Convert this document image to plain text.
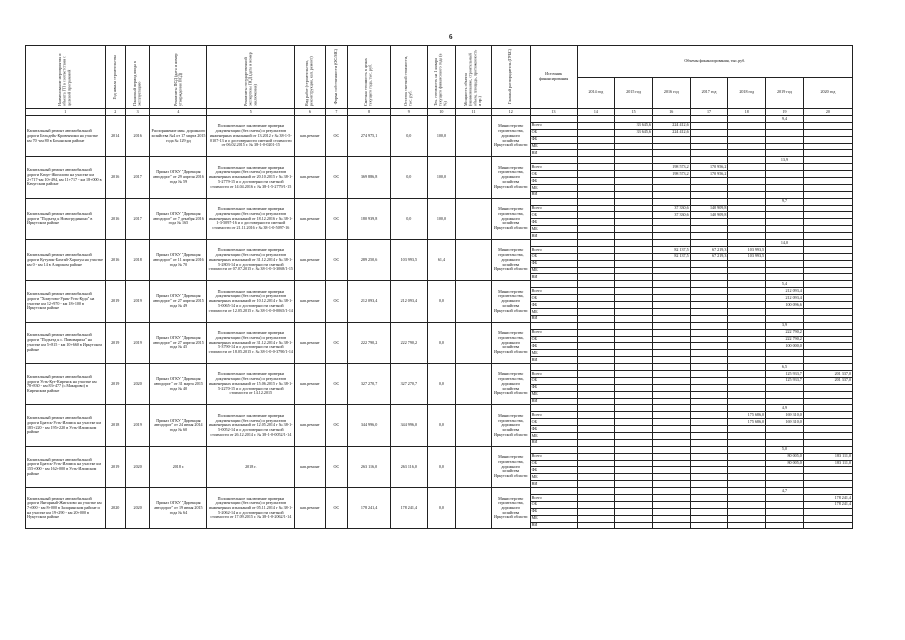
6
Наименование мероприятия и объекта ГП в соответствии с целевой программой	Год начала строительства	Плановый период ввода в эксплуатацию	Реквизиты ПСД (дата и номер утверждения ПСД)	Реквизиты государственной экспертизы ПСД (дата и номер заключения)	Вид работ (строительство, реконструкция, кап. ремонт)	Форма собственности (ОС/МС)	Сметная стоимость в ценах текущего года, тыс. руб.	Остаток сметной стоимости, тыс. руб.	Тех. готовность на 1 января текущего финансового года (в %)	Мощность объекта (наименование, строительный объем, площадь, протяженность и пр.)	Главный распорядитель (ГРБС)	Источник финансирования	Объемы финансирования, тыс.руб.						
													2014 год	2015 год	2016 год	2017 год	2018 год	2019 год	2020 год
1	2	3	4	5	6	7	8	9	10	11	12	13	14	15	16	17	18	19	20
Капитальный ремонт автомобильной дороги Бельдейь-Кровенчики на участке км 70 -км 80 в Боханском районе	2014	2016	Распоряжение мин. дорожного хозяйства №4 от 17 марта 2015 года № 129 рд	Положительное заключение проверки документации (без сметы) и результатов инженерных изысканий от 13.2012 г № 38-1-5-0107-13 и о достоверности сметной стоимости от 06.02.2015 г. № 38-1-0-0201-15	кап.ремонт	ОС	274 975,1	0,0	100,0		Министерство строительства, дорожного хозяйства Иркутской области							9,4	
												Всего		33 645,6	224 412,6				
												ОБ		33 645,6	224 412,6				
												ФБ							
												МБ							
												ВИ							
Капитальный ремонт автомобильной дороги Качуг-Жигалово на участке км 2+717-км 10+494, км 11+717 - км 18+000 в Качугском районе	2016	2017	Приказ ОГКУ "Дирекция автодорог" от 29 апреля 2016 года № 59	Положительное заключение проверки документации (без сметы) и результатов инженерных изысканий от 20.10.2015 г № 38-1-5-2779-15 и о достоверности сметной стоимости от 14.04.2016 г. № 38-1-5-2779/1-15	кап.ремонт	ОС	369 886,8	0,0	100,0		Министерство строительства, дорожного хозяйства Иркутской области							13,9	
												Всего			198 573,2	170 956,2			
												ОБ			198 573,2	170 956,2			
												ФБ							
												МБ							
												ВИ							
Капитальный ремонт автомобильной дороги "Подъезд к Новогрудинино" в Иркутском районе	2016	2017	Приказ ОГКУ "Дирекция автодорог" от 7 декабря 2016 года № 165	Положительное заключение проверки документации (без сметы) и результатов инженерных изысканий от 18.12.2016 г № 38-1-1-3-5097-16 и о достоверности сметной стоимости от 21.11.2016 г № 38-1-0-5097-16	кап.ремонт	ОС	180 939,8	0,0	100,0		Министерство строительства, дорожного хозяйства Иркутской области							9,7	
												Всего			37 330,6	140 909,8			
												ОБ			37 330,6	140 909,8			
												ФБ							
												МБ							
												ВИ							
Капитальный ремонт автомобильной дороги Кутулик-Бахтай-Харагун на участке км 0 - км 14 в Аларском районе	2016	2018	Приказ ОГКУ "Дирекция автодорог" от 11 апреля 2016 года № 70	Положительное заключение проверки документации (без сметы) и результатов инженерных изысканий от 31.12.2014 г № 38-1-5-2803-14 и о достоверности сметной стоимости от 07.07.2015 г. № 38-1-0-3-3068/1-15	кап.ремонт	ОС	289 250,6	103 993,5	61,4		Министерство строительства, дорожного хозяйства Иркутской области							14,0	
												Всего			82 137,5	67 219,3	103 993,5		
												ОБ			82 137,5	67 219,3	103 993,5		
												ФБ							
												МБ							
												ВИ							
Капитальный ремонт автомобильной дороги "Хомутово-Урик-Усть-Куда" на участке км 12+970 - км 18+100 в Иркутском районе	2019	2019	Приказ ОГКУ "Дирекция автодорог" от 27 апреля 2015 года № 49	Положительное заключение проверки документации (без сметы) и результатов инженерных изысканий от 10.12.2014 г № 38-1-5-0065-14 и о достоверности сметной стоимости от 12.05.2015 г. № 38-1-0-0-0065/1-14	кап.ремонт	ОС	212 093,4	212 093,4	0,0		Министерство строительства, дорожного хозяйства Иркутской области							5,4	
												Всего						212 093,4	
												ОБ						212 093,4	
												ФБ						100 096,6	
												МБ							
												ВИ							
Капитальный ремонт автомобильной дороги "Подъезд к с. Пивовариха" на участке км 5+815 - км 10+660 в Иркутском районе	2019	2019	Приказ ОГКУ "Дирекция автодорог" от 27 апреля 2015 года № 45	Положительное заключение проверки документации (без сметы) и результатов инженерных изысканий от 31.12.2014 г № 38-1-5-3790-14 и о достоверности сметной стоимости от 18.05.2015 г. № 38-1-0-0-3790/1-14	кап.ремонт	ОС	222 790,2	222 790,2	0,0		Министерство строительства, дорожного хозяйства Иркутской области							3,9	
												Всего						222 790,2	
												ОБ						222 790,2	
												ФБ						100 000,0	
												МБ							
												ВИ							
Капитальный ремонт автомобильной дороги Усть-Кут-Киренск на участке км 78+830 - км 83+477 (с.Макарово) в Киренском районе	2019	2020	Приказ ОГКУ "Дирекция автодорог" от 31 марта 2015 года № 40	Положительное заключение проверки документации (без сметы) и результатов инженерных изысканий от 15.06.2015 г № 38-1-5-2270-15 и о достоверности сметной стоимости от 14.12.2015	кап.ремонт	ОС	327 270,7	327 270,7	0,0		Министерство строительства, дорожного хозяйства Иркутской области							6,5	
												Всего						125 933,7	201 337,0
												ОБ						125 933,7	201 337,0
												ФБ							
												МБ							
												ВИ							
Капитальный ремонт автомобильной дороги Братск-Усть-Илимск на участке км 185+220 - км 195+220 в Усть-Илимском районе	2018	2019	Приказ ОГКУ "Дирекция автодорог" от 24 июня 2014 года № 60	Положительное заключение проверки документации (без сметы) и результатов инженерных изысканий от 12.05.2014 г № 38-1-5-0052-14 и о достоверности сметной стоимости от 26.12.2014 г. № 38-1-0-0052/1-14	кап.ремонт	ОС	344 996,0	344 996,0	0,0		Министерство строительства, дорожного хозяйства Иркутской области							4,9	
												Всего					175 686,0	169 310,0	
												ОБ					175 686,0	169 310,0	
												ФБ							
												МБ							
												ВИ							
Капитальный ремонт автомобильной дороги Братск-Усть-Илимск на участке км 155+000 - км 162+000 в Усть-Илимском районе	2019	2020	2018 г.	2018 г.	кап.ремонт	ОС	263 116,0	263 116,0	0,0		Министерство строительства, дорожного хозяйства Иркутской области							5,0	
												Всего						80 005,0	183 111,0
												ОБ						80 005,0	183 111,0
												ФБ							
												МБ							
												ВИ							
Капитальный ремонт автомобильной дороги Янтарный-Жигалово на участке км 7+000 - км 8+000 в Заларинском районе и на участке км 19+290 - км 20+000 в Нукутском районе	2020	2020	Приказ ОГКУ "Дирекция автодорог" от 19 июня 2015 года № 64	Положительное заключение проверки документации (без сметы) и результатов инженерных изысканий от 05.11.2014 г № 38-1-5-2062-14 и о достоверности сметной стоимости от 17.09.2015 г. № 38-1-0-2062/1-14	кап.ремонт	ОС	178 241,4	178 241,4	0,0		Министерство строительства, дорожного хозяйства Иркутской области							4,7	
												Всего							178 241,4
												ОБ							178 241,4
												ФБ							
												МБ							
												ВИ							
